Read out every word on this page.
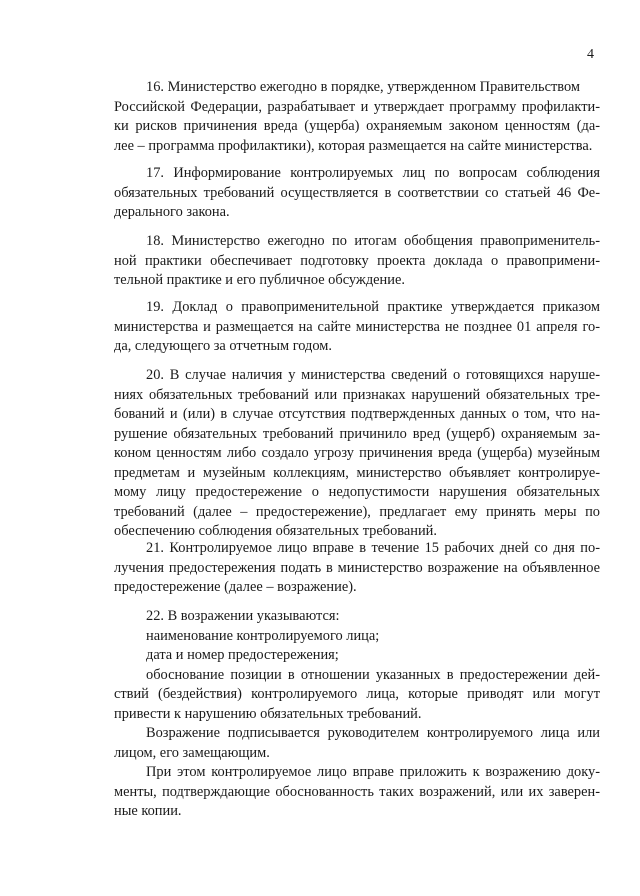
4
16. Министерство ежегодно в порядке, утвержденном Правительством
Российской Федерации, разрабатывает и утверждает программу профилакти-
ки рисков причинения вреда (ущерба) охраняемым законом ценностям (да-
лее – программа профилактики), которая размещается на сайте министерства.
17. Информирование контролируемых лиц по вопросам соблюдения
обязательных требований осуществляется в соответствии со статьей 46 Фе-
дерального закона.
18. Министерство ежегодно по итогам обобщения правоприменитель-
ной практики обеспечивает подготовку проекта доклада о правопримени-
тельной практике и его публичное обсуждение.
19. Доклад о правоприменительной практике утверждается приказом
министерства и размещается на сайте министерства не позднее 01 апреля го-
да, следующего за отчетным годом.
20. В случае наличия у министерства сведений о готовящихся наруше-
ниях обязательных требований или признаках нарушений обязательных тре-
бований и (или) в случае отсутствия подтвержденных данных о том, что на-
рушение обязательных требований причинило вред (ущерб) охраняемым за-
коном ценностям либо создало угрозу причинения вреда (ущерба) музейным
предметам и музейным коллекциям, министерство объявляет контролируе-
мому лицу предостережение о недопустимости нарушения обязательных
требований (далее – предостережение), предлагает ему принять меры по
обеспечению соблюдения обязательных требований.
21. Контролируемое лицо вправе в течение 15 рабочих дней со дня по-
лучения предостережения подать в министерство возражение на объявленное
предостережение (далее – возражение).
22. В возражении указываются:
наименование контролируемого лица;
дата и номер предостережения;
обоснование позиции в отношении указанных в предостережении дей-
ствий (бездействия) контролируемого лица, которые приводят или могут
привести к нарушению обязательных требований.
Возражение подписывается руководителем контролируемого лица или
лицом, его замещающим.
При этом контролируемое лицо вправе приложить к возражению доку-
менты, подтверждающие обоснованность таких возражений, или их заверен-
ные копии.
